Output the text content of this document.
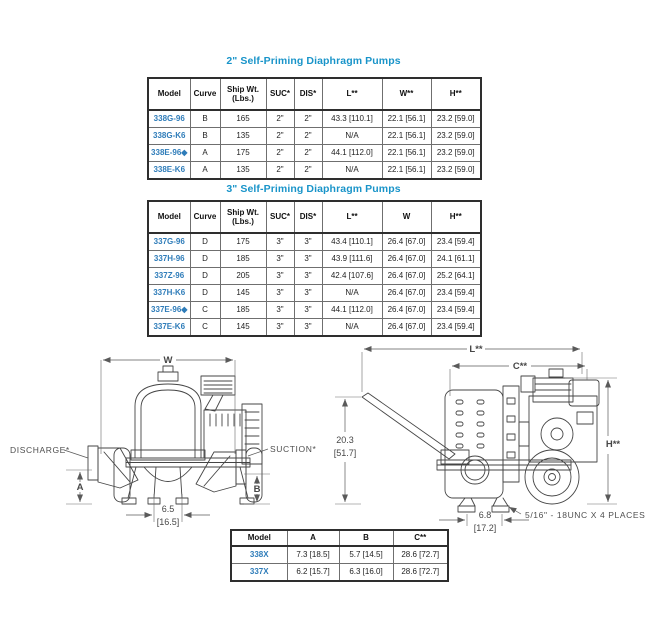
2" Self-Priming Diaphragm Pumps
Model	Curve	Ship Wt. (Lbs.)	SUC*	DIS*	L**	W**	H**
338G-96	B	165	2"	2"	43.3 [110.1]	22.1 [56.1]	23.2 [59.0]
338G-K6	B	135	2"	2"	N/A	22.1 [56.1]	23.2 [59.0]
338E-96◆	A	175	2"	2"	44.1 [112.0]	22.1 [56.1]	23.2 [59.0]
338E-K6	A	135	2"	2"	N/A	22.1 [56.1]	23.2 [59.0]
3" Self-Priming Diaphragm Pumps
Model	Curve	Ship Wt. (Lbs.)	SUC*	DIS*	L**	W	H**
337G-96	D	175	3"	3"	43.4 [110.1]	26.4 [67.0]	23.4 [59.4]
337H-96	D	185	3"	3"	43.9 [111.6]	26.4 [67.0]	24.1 [61.1]
337Z-96	D	205	3"	3"	42.4 [107.6]	26.4 [67.0]	25.2 [64.1]
337H-K6	D	145	3"	3"	N/A	26.4 [67.0]	23.4 [59.4]
337E-96◆	C	185	3"	3"	44.1 [112.0]	26.4 [67.0]	23.4 [59.4]
337E-K6	C	145	3"	3"	N/A	26.4 [67.0]	23.4 [59.4]
W
A	B
6.5
[16.5]
DISCHARGE*	SUCTION*
L**
C**
H**
20.3
[51.7]
6.8
[17.2]
5/16" - 18UNC X 4 PLACES
Model	A	B	C**
338X	7.3 [18.5]	5.7 [14.5]	28.6 [72.7]
337X	6.2 [15.7]	6.3 [16.0]	28.6 [72.7]
